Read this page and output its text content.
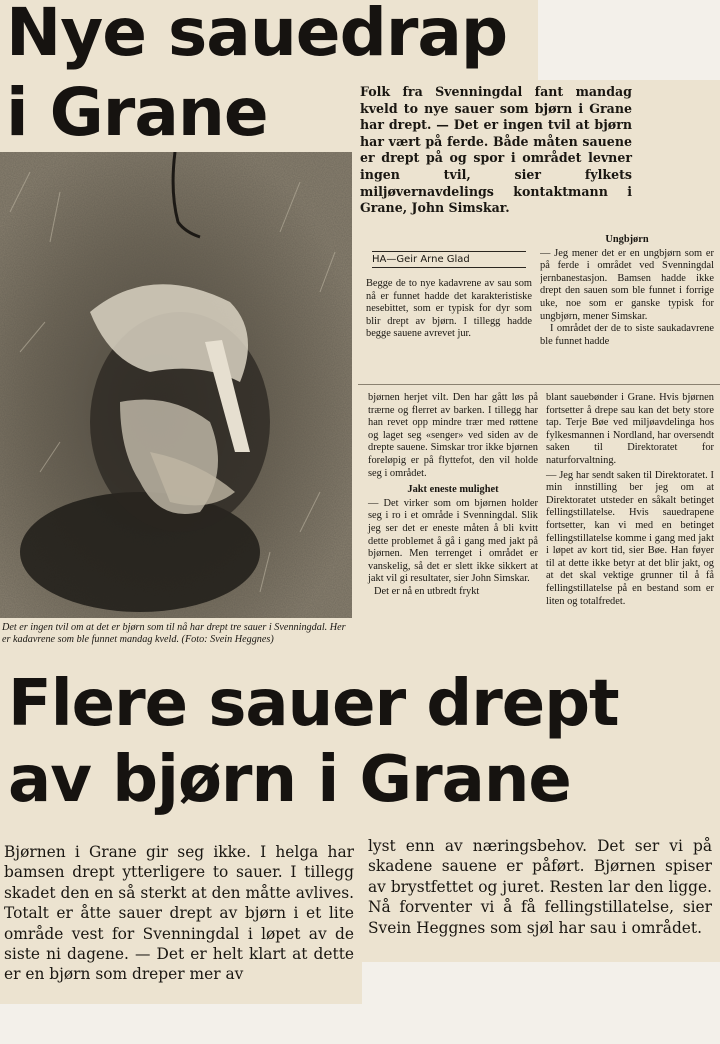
Nye sauedrap
i Grane	Folk fra Svenningdal fant mandag kveld to nye sauer som bjørn i Grane har drept. — Det er ingen tvil at bjørn har vært på ferde. Både måten sauene er drept på og spor i området levner ingen tvil, sier fylkets miljøvernavdelings kontaktmann i Grane, John Simskar.
Det er ingen tvil om at det er bjørn som til nå har drept tre sauer i Svenningdal. Her er kadavrene som ble funnet mandag kveld. (Foto: Svein Heggnes)
HA—Geir Arne Glad

Begge de to nye kadavrene av sau som nå er funnet hadde det karakteristiske nesebittet, som er typisk for dyr som blir drept av bjørn. I tillegg hadde begge sauene avrevet jur.

Ungbjørn

— Jeg mener det er en ungbjørn som er på ferde i området ved Svenningdal jernbanestasjon. Bamsen hadde ikke drept den sauen som ble funnet i forrige uke, noe som er ganske typisk for ungbjørn, mener Simskar.

I området der de to siste saukadavrene ble funnet hadde

bjørnen herjet vilt. Den har gått løs på trærne og flerret av barken. I tillegg har han revet opp mindre trær med røttene og laget seg «senger» ved siden av de drepte sauene. Simskar tror ikke bjørnen foreløpig er på flyttefot, den vil holde seg i området.

Jakt eneste mulighet

— Det virker som om bjørnen holder seg i ro i et område i Svenningdal. Slik jeg ser det er eneste måten å bli kvitt dette problemet å gå i gang med jakt på bjørnen. Men terrenget i området er vanskelig, så det er slett ikke sikkert at jakt vil gi resultater, sier John Simskar.

Det er nå en utbredt frykt

blant sauebønder i Grane. Hvis bjørnen fortsetter å drepe sau kan det bety store tap. Terje Bøe ved miljøavdelinga hos fylkesmannen i Nordland, har oversendt saken til Direktoratet for naturforvaltning.

— Jeg har sendt saken til Direktoratet. I min innstilling ber jeg om at Direktoratet utsteder en såkalt betinget fellingstillatelse. Hvis sauedrapene fortsetter, kan vi med en betinget fellingstillatelse komme i gang med jakt i løpet av kort tid, sier Bøe. Han føyer til at dette ikke betyr at det blir jakt, og at det skal vektige grunner til å få fellingstillatelse på en bestand som er liten og totalfredet.

Flere sauer drept
av bjørn i Grane
Bjørnen i Grane gir seg ikke. I helga har bamsen drept ytterligere to sauer. I tillegg skadet den en så sterkt at den måtte avlives. Totalt er åtte sauer drept av bjørn i et lite område vest for Svenningdal i løpet av de siste ni dagene. — Det er helt klart at dette er en bjørn som dreper mer av
lyst enn av næringsbehov. Det ser vi på skadene sauene er påført. Bjørnen spiser av brystfettet og juret. Resten lar den ligge. Nå forventer vi å få fellingstillatelse, sier Svein Heggnes som sjøl har sau i området.
